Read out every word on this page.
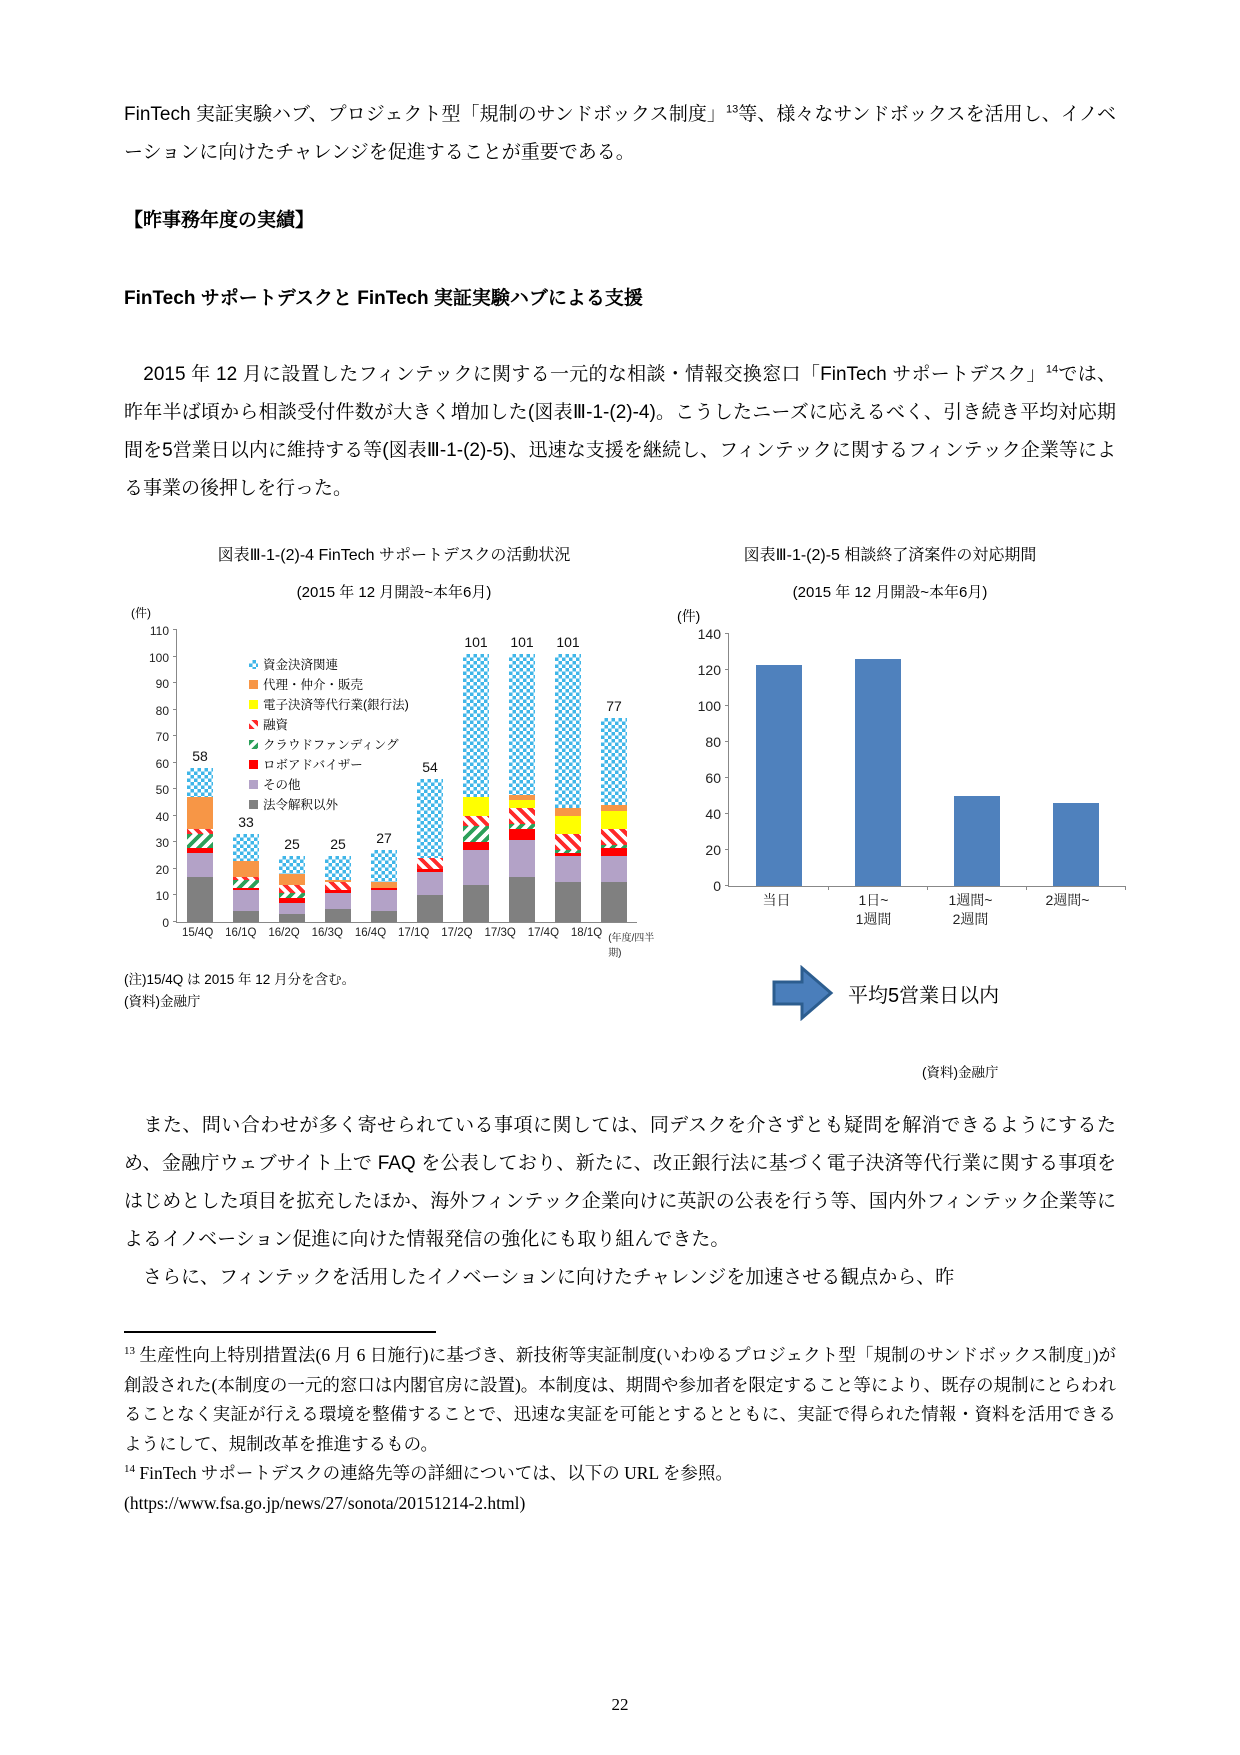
FinTech 実証実験ハブ、プロジェクト型「規制のサンドボックス制度」$^{13}$等、様々なサンドボックスを活用し、イノベーションに向けたチャレンジを促進することが重要である。

【昨事務年度の実績】
FinTech サポートデスクと FinTech 実証実験ハブによる支援

　2015 年 12 月に設置したフィンテックに関する一元的な相談・情報交換窓口「FinTech サポートデスク」$^{14}$では、昨年半ば頃から相談受付件数が大きく増加した(図表Ⅲ-1-(2)-4)。こうしたニーズに応えるべく、引き続き平均対応期間を5営業日以内に維持する等(図表Ⅲ-1-(2)-5)、迅速な支援を継続し、フィンテックに関するフィンテック企業等による事業の後押しを行った。

図表Ⅲ-1-(2)-4 FinTech サポートデスクの活動状況
(2015 年 12 月開設~本年6月)
(件)
0
10
20
30
40
50
60
70
80
90
100
110
58
33
25	25	27
54
101	101	101
77
資金決済関連
代理・仲介・販売
電子決済等代行業(銀行法)
融資
クラウドファンディング
ロボアドバイザー
その他
法令解釈以外
15/4Q	16/1Q	16/2Q	16/3Q	16/4Q	17/1Q	17/2Q	17/3Q	17/4Q	18/1Q (年度/四半期)
(注)15/4Q は 2015 年 12 月分を含む。
(資料)金融庁
図表Ⅲ-1-(2)-5 相談終了済案件の対応期間
(2015 年 12 月開設~本年6月)
(件)
0
20
40
60
80
100
120
140
当日	1日~
1週間
1週間~
2週間
2週間~
平均5営業日以内
(資料)金融庁

　また、問い合わせが多く寄せられている事項に関しては、同デスクを介さずとも疑問を解消できるようにするため、金融庁ウェブサイト上で FAQ を公表しており、新たに、改正銀行法に基づく電子決済等代行業に関する事項をはじめとした項目を拡充したほか、海外フィンテック企業向けに英訳の公表を行う等、国内外フィンテック企業等によるイノベーション促進に向けた情報発信の強化にも取り組んできた。

　さらに、フィンテックを活用したイノベーションに向けたチャレンジを加速させる観点から、昨

$^{13}$ 生産性向上特別措置法(6 月 6 日施行)に基づき、新技術等実証制度(いわゆるプロジェクト型「規制のサンドボックス制度」)が創設された(本制度の一元的窓口は内閣官房に設置)。本制度は、期間や参加者を限定すること等により、既存の規制にとらわれることなく実証が行える環境を整備することで、迅速な実証を可能とするとともに、実証で得られた情報・資料を活用できるようにして、規制改革を推進するもの。
$^{14}$ FinTech サポートデスクの連絡先等の詳細については、以下の URL を参照。
(https://www.fsa.go.jp/news/27/sonota/20151214-2.html)
22
